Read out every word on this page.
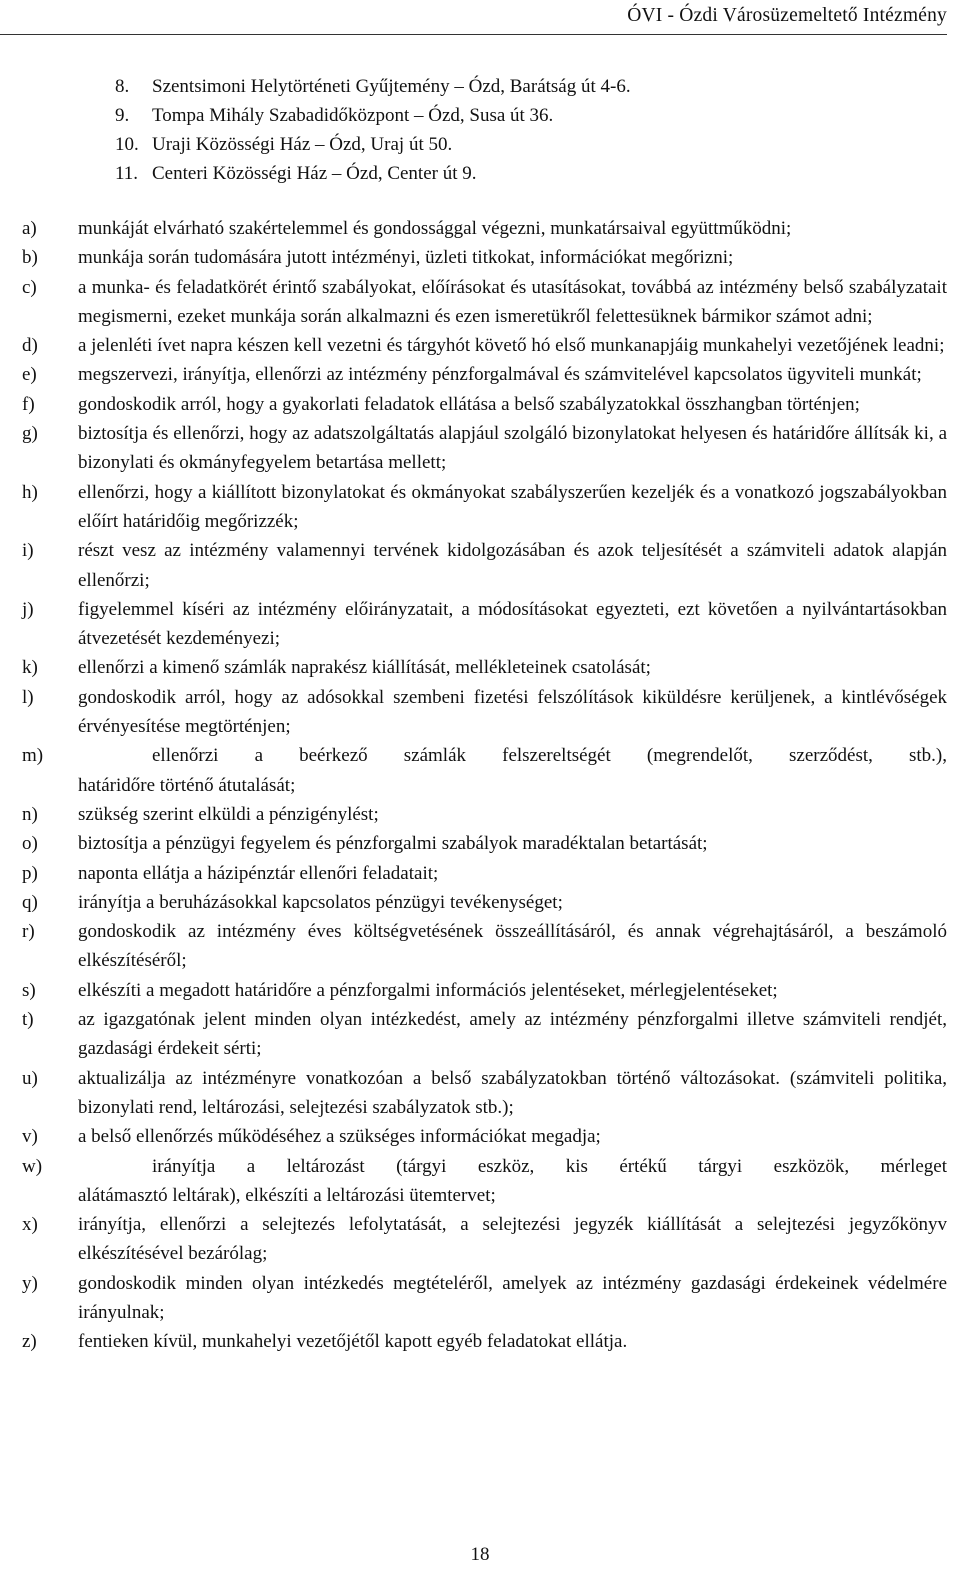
ÓVI - Ózdi Városüzemeltető Intézmény
8.	Szentsimoni Helytörténeti Gyűjtemény – Ózd, Barátság út 4-6.
9.	Tompa Mihály Szabadidőközpont – Ózd, Susa út 36.
10. Uraji Közösségi Ház – Ózd, Uraj út 50.
11. Centeri Közösségi Ház – Ózd, Center út 9.
a)	munkáját elvárható szakértelemmel és gondossággal végezni, munkatársaival együttműködni;
b)	munkája során tudomására jutott intézményi, üzleti titkokat, információkat megőrizni;
c)	a munka- és feladatkörét érintő szabályokat, előírásokat és utasításokat, továbbá az intézmény belső szabályzatait megismerni, ezeket munkája során alkalmazni és ezen ismeretükről felettesüknek bármikor számot adni;
d)	a jelenléti ívet napra készen kell vezetni és tárgyhót követő hó első munkanapjáig munkahelyi vezetőjének leadni;
e)	megszervezi, irányítja, ellenőrzi az intézmény pénzforgalmával és számvitelével kapcsolatos ügyviteli munkát;
f)	gondoskodik arról, hogy a gyakorlati feladatok ellátása a belső szabályzatokkal összhangban történjen;
g)	biztosítja és ellenőrzi, hogy az adatszolgáltatás alapjául szolgáló bizonylatokat helyesen és határidőre állítsák ki, a bizonylati és okmányfegyelem betartása mellett;
h)	ellenőrzi, hogy a kiállított bizonylatokat és okmányokat szabályszerűen kezeljék és a vonatkozó jogszabályokban előírt határidőig megőrizzék;
i)	részt vesz az intézmény valamennyi tervének kidolgozásában és azok teljesítését a számviteli adatok alapján ellenőrzi;
j)	figyelemmel kíséri az intézmény előirányzatait, a módosításokat egyezteti, ezt követően a nyilvántartásokban átvezetését kezdeményezi;
k)	ellenőrzi a kimenő számlák naprakész kiállítását, mellékleteinek csatolását;
l)	gondoskodik arról, hogy az adósokkal szembeni fizetési felszólítások kiküldésre kerüljenek, a kintlévőségek érvényesítése megtörténjen;
m)	ellenőrzi a beérkező számlák felszereltségét (megrendelőt, szerződést, stb.),
határidőre történő átutalását;
n)	szükség szerint elküldi a pénzigénylést;
o)	biztosítja a pénzügyi fegyelem és pénzforgalmi szabályok maradéktalan betartását;
p)	naponta ellátja a házipénztár ellenőri feladatait;
q)	irányítja a beruházásokkal kapcsolatos pénzügyi tevékenységet;
r)	gondoskodik az intézmény éves költségvetésének összeállításáról, és annak végrehajtásáról, a beszámoló elkészítéséről;
s)	elkészíti a megadott határidőre a pénzforgalmi információs jelentéseket, mérlegjelentéseket;
t)	az igazgatónak jelent minden olyan intézkedést, amely az intézmény pénzforgalmi illetve számviteli rendjét, gazdasági érdekeit sérti;
u)	aktualizálja az intézményre vonatkozóan a belső szabályzatokban történő változásokat. (számviteli politika, bizonylati rend, leltározási, selejtezési szabályzatok stb.);
v)	a belső ellenőrzés működéséhez a szükséges információkat megadja;
w)	irányítja a leltározást (tárgyi eszköz, kis értékű tárgyi eszközök, mérleget
alátámasztó leltárak), elkészíti a leltározási ütemtervet;
x)	irányítja, ellenőrzi a selejtezés lefolytatását, a selejtezési jegyzék kiállítását a selejtezési jegyzőkönyv elkészítésével bezárólag;
y)	gondoskodik minden olyan intézkedés megtételéről, amelyek az intézmény gazdasági érdekeinek védelmére irányulnak;
z)	fentieken kívül, munkahelyi vezetőjétől kapott egyéb feladatokat ellátja.
18
